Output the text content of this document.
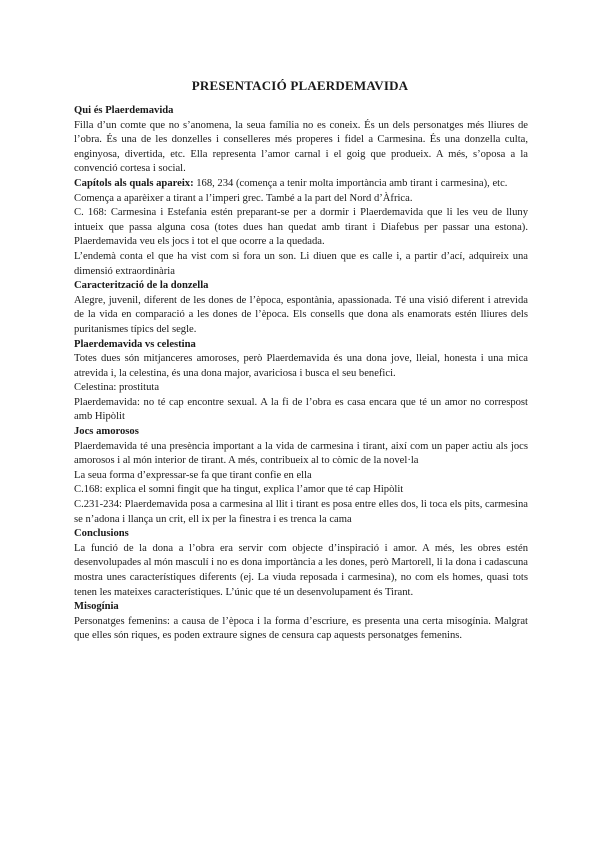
PRESENTACIÓ PLAERDEMAVIDA
Qui és Plaerdemavida

Filla d’un comte que no s’anomena, la seua família no es coneix. És un dels personatges més lliures de l’obra. És una de les donzelles i conselleres més properes i fidel a Carmesina. És una donzella culta, enginyosa, divertida, etc. Ella representa l’amor carnal i el goig que produeix. A més, s’oposa a la convenció cortesa i social.

Capítols als quals apareix: 168, 234 (comença a tenir molta importància amb tirant i carmesina), etc.

Comença a aparèixer a tirant a l’imperi grec. També a la part del Nord d’Àfrica.

C. 168: Carmesina i Estefania estén preparant-se per a dormir i Plaerdemavida que li les veu de lluny intueix que passa alguna cosa (totes dues han quedat amb tirant i Diafebus per passar una estona). Plaerdemavida veu els jocs i tot el que ocorre a la quedada.

L’endemà conta el que ha vist com si fora un son. Li diuen que es calle i, a partir d’ací, adquireix una dimensió extraordinària

Caracterització de la donzella

Alegre, juvenil, diferent de les dones de l’època, espontània, apassionada. Té una visió diferent i atrevida de la vida en comparació a les dones de l’època. Els consells que dona als enamorats estén lliures dels puritanismes típics del segle.

Plaerdemavida vs celestina

Totes dues són mitjanceres amoroses, però Plaerdemavida és una dona jove, lleial, honesta i una mica atrevida i, la celestina, és una dona major, avariciosa i busca el seu benefici.

Celestina: prostituta

Plaerdemavida: no té cap encontre sexual. A la fi de l’obra es casa encara que té un amor no correspost amb Hipòlit

Jocs amorosos

Plaerdemavida té una presència important a la vida de carmesina i tirant, així com un paper actiu als jocs amorosos i al món interior de tirant. A més, contribueix al to còmic de la novel·la

La seua forma d’expressar-se fa que tirant confie en ella

C.168: explica el somni fingit que ha tingut, explica l’amor que té cap Hipòlit

C.231-234: Plaerdemavida posa a carmesina al llit i tirant es posa entre elles dos, li toca els pits, carmesina se n’adona i llança un crit, ell ix per la finestra i es trenca la cama

Conclusions

La funció de la dona a l’obra era servir com objecte d’inspiració i amor. A més, les obres estén desenvolupades al món masculí i no es dona importància a les dones, però Martorell, li la dona i cadascuna mostra unes característiques diferents (ej. La viuda reposada i carmesina), no com els homes, quasi tots tenen les mateixes característiques. L’únic que té un desenvolupament és Tirant.

Misogínia

Personatges femenins: a causa de l’època i la forma d’escriure, es presenta una certa misogínia. Malgrat que elles són riques, es poden extraure signes de censura cap aquests personatges femenins.
